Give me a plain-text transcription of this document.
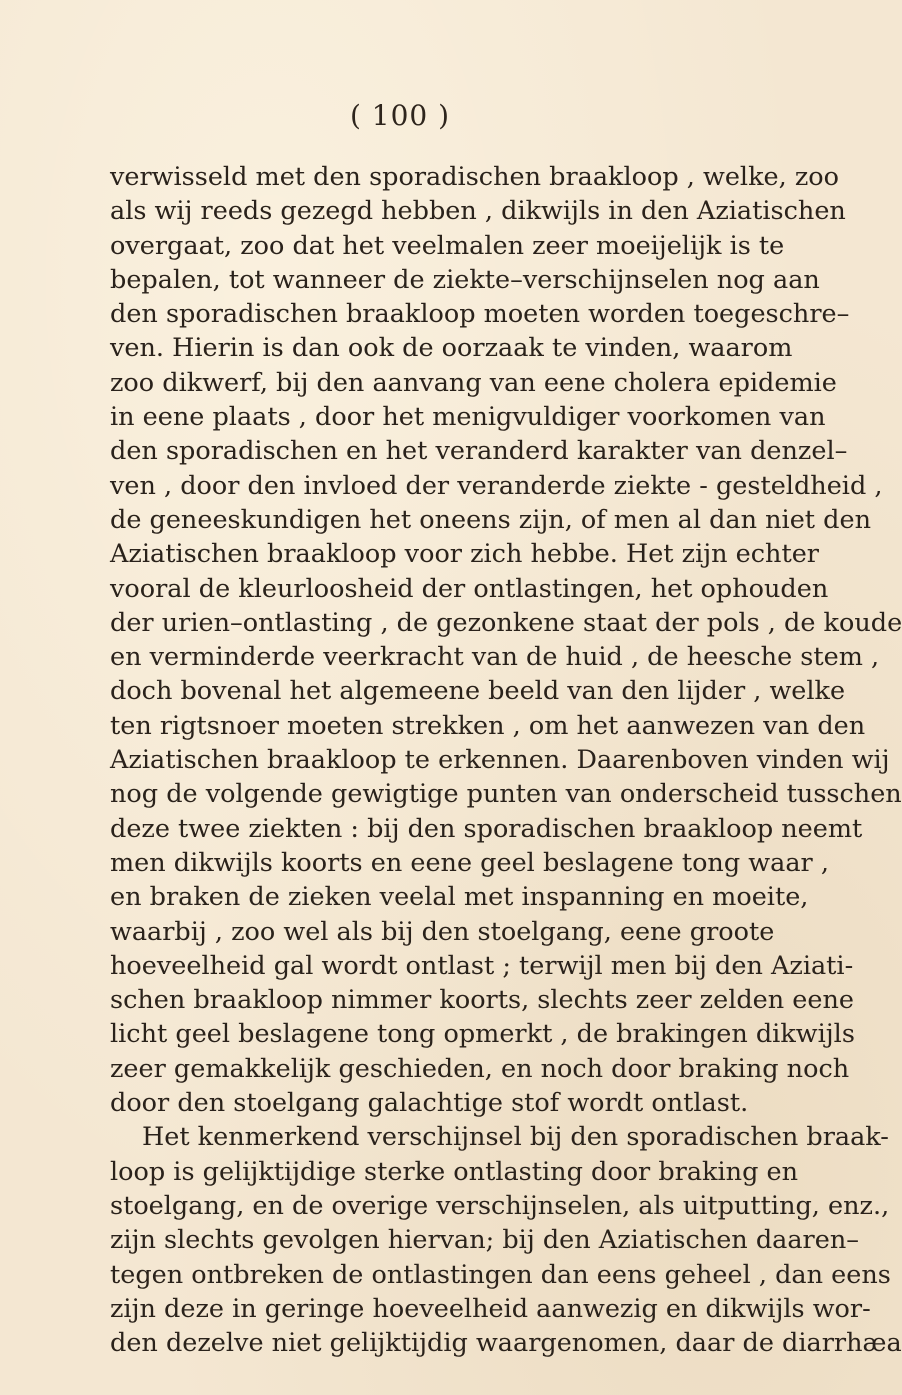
( 100 )
verwisseld met den sporadischen braakloop , welke, zoo
als wij reeds gezegd hebben , dikwijls in den Aziatischen
overgaat, zoo dat het veelmalen zeer moeijelijk is te
bepalen, tot wanneer de ziekte–verschijnselen nog aan
den sporadischen braakloop moeten worden toegeschre–
ven. Hierin is dan ook de oorzaak te vinden, waarom
zoo dikwerf, bij den aanvang van eene cholera epidemie
in eene plaats , door het menigvuldiger voorkomen van
den sporadischen en het veranderd karakter van denzel–
ven , door den invloed der veranderde ziekte - gesteldheid ,
de geneeskundigen het oneens zijn, of men al dan niet den
Aziatischen braakloop voor zich hebbe. Het zijn echter
vooral de kleurloosheid der ontlastingen, het ophouden
der urien–ontlasting , de gezonkene staat der pols , de koude
en verminderde veerkracht van de huid , de heesche stem ,
doch bovenal het algemeene beeld van den lijder , welke
ten rigtsnoer moeten strekken , om het aanwezen van den
Aziatischen braakloop te erkennen. Daarenboven vinden wij
nog de volgende gewigtige punten van onderscheid tusschen
deze twee ziekten : bij den sporadischen braakloop neemt
men dikwijls koorts en eene geel beslagene tong waar ,
en braken de zieken veelal met inspanning en moeite,
waarbij , zoo wel als bij den stoelgang, eene groote
hoeveelheid gal wordt ontlast ; terwijl men bij den Aziati-
schen braakloop nimmer koorts, slechts zeer zelden eene
licht geel beslagene tong opmerkt , de brakingen dikwijls
zeer gemakkelijk geschieden, en noch door braking noch
door den stoelgang galachtige stof wordt ontlast.
Het kenmerkend verschijnsel bij den sporadischen braak-
loop is gelijktijdige sterke ontlasting door braking en
stoelgang, en de overige verschijnselen, als uitputting, enz.,
zijn slechts gevolgen hiervan; bij den Aziatischen daaren–
tegen ontbreken de ontlastingen dan eens geheel , dan eens
zijn deze in geringe hoeveelheid aanwezig en dikwijls wor-
den dezelve niet gelijktijdig waargenomen, daar de diarrhæa
